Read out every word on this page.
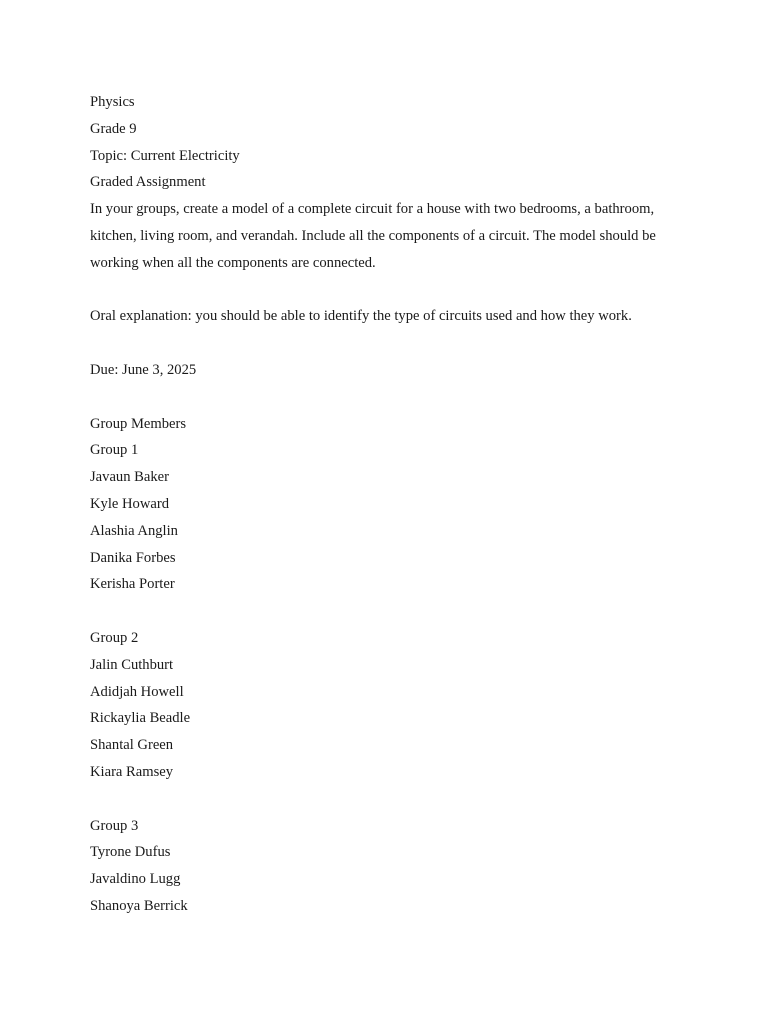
Physics
Grade 9
Topic: Current Electricity
Graded Assignment
In your groups, create a model of a complete circuit for a house with two bedrooms, a bathroom,
kitchen, living room, and verandah. Include all the components of a circuit. The model should be
working when all the components are connected.
Oral explanation: you should be able to identify the type of circuits used and how they work.
Due: June 3, 2025
Group Members
Group 1
Javaun Baker
Kyle Howard
Alashia Anglin
Danika Forbes
Kerisha Porter
Group 2
Jalin Cuthburt
Adidjah Howell
Rickaylia Beadle
Shantal Green
Kiara Ramsey
Group 3
Tyrone Dufus
Javaldino Lugg
Shanoya Berrick
